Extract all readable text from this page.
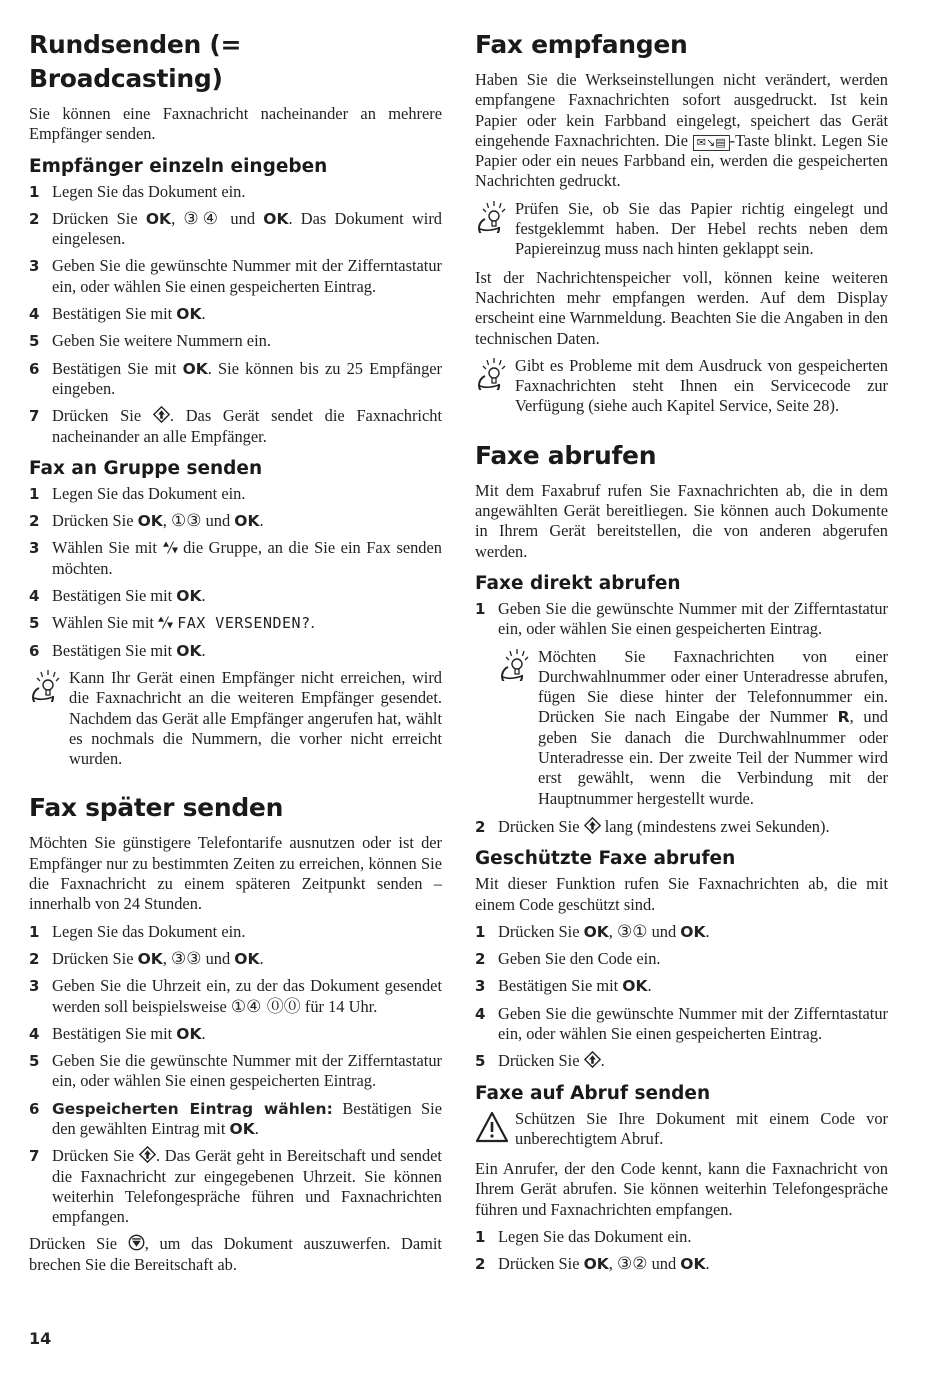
Rundsenden (= Broadcasting)
Sie können eine Faxnachricht nacheinander an mehrere Empfänger senden.
Empfänger einzeln eingeben
1 Legen Sie das Dokument ein.
2 Drücken Sie OK, ③④ und OK. Das Dokument wird eingelesen.
3 Geben Sie die gewünschte Nummer mit der Zifferntastatur ein, oder wählen Sie einen gespeicherten Eintrag.
4 Bestätigen Sie mit OK.
5 Geben Sie weitere Nummern ein.
6 Bestätigen Sie mit OK. Sie können bis zu 25 Empfänger eingeben.
7 Drücken Sie . Das Gerät sendet die Faxnachricht nacheinander an alle Empfänger.
Fax an Gruppe senden
1 Legen Sie das Dokument ein.
2 Drücken Sie OK, ①③ und OK.
3 Wählen Sie mit die Gruppe, an die Sie ein Fax senden möchten.
4 Bestätigen Sie mit OK.
5 Wählen Sie mit FAX VERSENDEN?.
6 Bestätigen Sie mit OK.
Kann Ihr Gerät einen Empfänger nicht erreichen, wird die Faxnachricht an die weiteren Empfänger gesendet. Nachdem das Gerät alle Empfänger angerufen hat, wählt es nochmals die Nummern, die vorher nicht erreicht wurden.
Fax später senden
Möchten Sie günstigere Telefontarife ausnutzen oder ist der Empfänger nur zu bestimmten Zeiten zu erreichen, können Sie die Faxnachricht zu einem späteren Zeitpunkt senden – innerhalb von 24 Stunden.
1 Legen Sie das Dokument ein.
2 Drücken Sie OK, ③③ und OK.
3 Geben Sie die Uhrzeit ein, zu der das Dokument gesendet werden soll beispielsweise ①④ ⓪⓪ für 14 Uhr.
4 Bestätigen Sie mit OK.
5 Geben Sie die gewünschte Nummer mit der Zifferntastatur ein, oder wählen Sie einen gespeicherten Eintrag.
6 Gespeicherten Eintrag wählen: Bestätigen Sie den gewählten Eintrag mit OK.
7 Drücken Sie . Das Gerät geht in Bereitschaft und sendet die Faxnachricht zur eingegebenen Uhrzeit. Sie können weiterhin Telefongespräche führen und Faxnachrichten empfangen.
Drücken Sie , um das Dokument auszuwerfen. Damit brechen Sie die Bereitschaft ab.
14
Fax empfangen
Haben Sie die Werkseinstellungen nicht verändert, werden empfangene Faxnachrichten sofort ausgedruckt. Ist kein Papier oder kein Farbband eingelegt, speichert das Gerät eingehende Faxnachrichten. Die ✉↘▤ -Taste blinkt. Legen Sie Papier oder ein neues Farbband ein, werden die gespeicherten Nachrichten gedruckt.
Prüfen Sie, ob Sie das Papier richtig eingelegt und festgeklemmt haben. Der Hebel rechts neben dem Papiereinzug muss nach hinten geklappt sein.
Ist der Nachrichtenspeicher voll, können keine weiteren Nachrichten mehr empfangen werden. Auf dem Display erscheint eine Warnmeldung. Beachten Sie die Angaben in den technischen Daten.
Gibt es Probleme mit dem Ausdruck von gespeicherten Faxnachrichten steht Ihnen ein Servicecode zur Verfügung (siehe auch Kapitel Service, Seite 28).
Faxe abrufen
Mit dem Faxabruf rufen Sie Faxnachrichten ab, die in dem angewählten Gerät bereitliegen. Sie können auch Dokumente in Ihrem Gerät bereitstellen, die von anderen abgerufen werden.
Faxe direkt abrufen
1 Geben Sie die gewünschte Nummer mit der Zifferntastatur ein, oder wählen Sie einen gespeicherten Eintrag.
Möchten Sie Faxnachrichten von einer Durchwahlnummer oder einer Unteradresse abrufen, fügen Sie diese hinter der Telefonnummer ein. Drücken Sie nach Eingabe der Nummer R, und geben Sie danach die Durchwahlnummer oder Unteradresse ein. Der zweite Teil der Nummer wird erst gewählt, wenn die Verbindung mit der Hauptnummer hergestellt wurde.
2 Drücken Sie lang (mindestens zwei Sekunden).
Geschützte Faxe abrufen
Mit dieser Funktion rufen Sie Faxnachrichten ab, die mit einem Code geschützt sind.
1 Drücken Sie OK, ③① und OK.
2 Geben Sie den Code ein.
3 Bestätigen Sie mit OK.
4 Geben Sie die gewünschte Nummer mit der Zifferntastatur ein, oder wählen Sie einen gespeicherten Eintrag.
5 Drücken Sie .
Faxe auf Abruf senden
Schützen Sie Ihre Dokument mit einem Code vor unberechtigtem Abruf.
Ein Anrufer, der den Code kennt, kann die Faxnachricht von Ihrem Gerät abrufen. Sie können weiterhin Telefongespräche führen und Faxnachrichten empfangen.
1 Legen Sie das Dokument ein.
2 Drücken Sie OK, ③② und OK.
